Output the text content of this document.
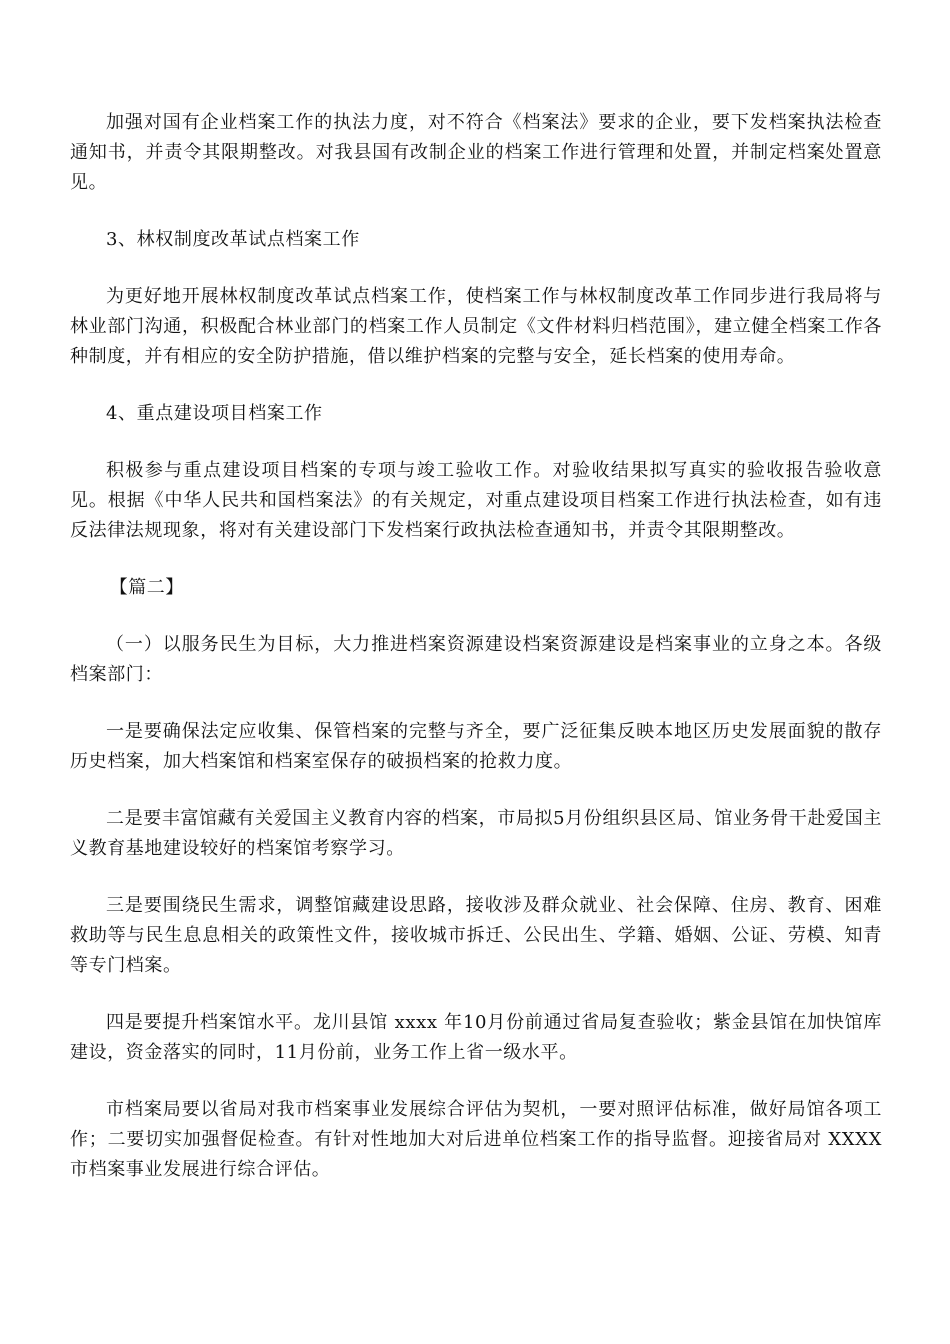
加强对国有企业档案工作的执法力度，对不符合《档案法》要求的企业，要下发档案执法检查通知书，并责令其限期整改。对我县国有改制企业的档案工作进行管理和处置，并制定档案处置意见。

3、林权制度改革试点档案工作

为更好地开展林权制度改革试点档案工作，使档案工作与林权制度改革工作同步进行我局将与林业部门沟通，积极配合林业部门的档案工作人员制定《文件材料归档范围》，建立健全档案工作各种制度，并有相应的安全防护措施，借以维护档案的完整与安全，延长档案的使用寿命。

4、重点建设项目档案工作

积极参与重点建设项目档案的专项与竣工验收工作。对验收结果拟写真实的验收报告验收意见。根据《中华人民共和国档案法》的有关规定，对重点建设项目档案工作进行执法检查，如有违反法律法规现象，将对有关建设部门下发档案行政执法检查通知书，并责令其限期整改。

【篇二】

（一）以服务民生为目标，大力推进档案资源建设档案资源建设是档案事业的立身之本。各级档案部门：

一是要确保法定应收集、保管档案的完整与齐全，要广泛征集反映本地区历史发展面貌的散存历史档案，加大档案馆和档案室保存的破损档案的抢救力度。

二是要丰富馆藏有关爱国主义教育内容的档案，市局拟5月份组织县区局、馆业务骨干赴爱国主义教育基地建设较好的档案馆考察学习。

三是要围绕民生需求，调整馆藏建设思路，接收涉及群众就业、社会保障、住房、教育、困难救助等与民生息息相关的政策性文件，接收城市拆迁、公民出生、学籍、婚姻、公证、劳模、知青等专门档案。

四是要提升档案馆水平。龙川县馆 xxxx 年10月份前通过省局复查验收；紫金县馆在加快馆库建设，资金落实的同时，11月份前，业务工作上省一级水平。

市档案局要以省局对我市档案事业发展综合评估为契机，一要对照评估标准，做好局馆各项工作；二要切实加强督促检查。有针对性地加大对后进单位档案工作的指导监督。迎接省局对 XXXX 市档案事业发展进行综合评估。
